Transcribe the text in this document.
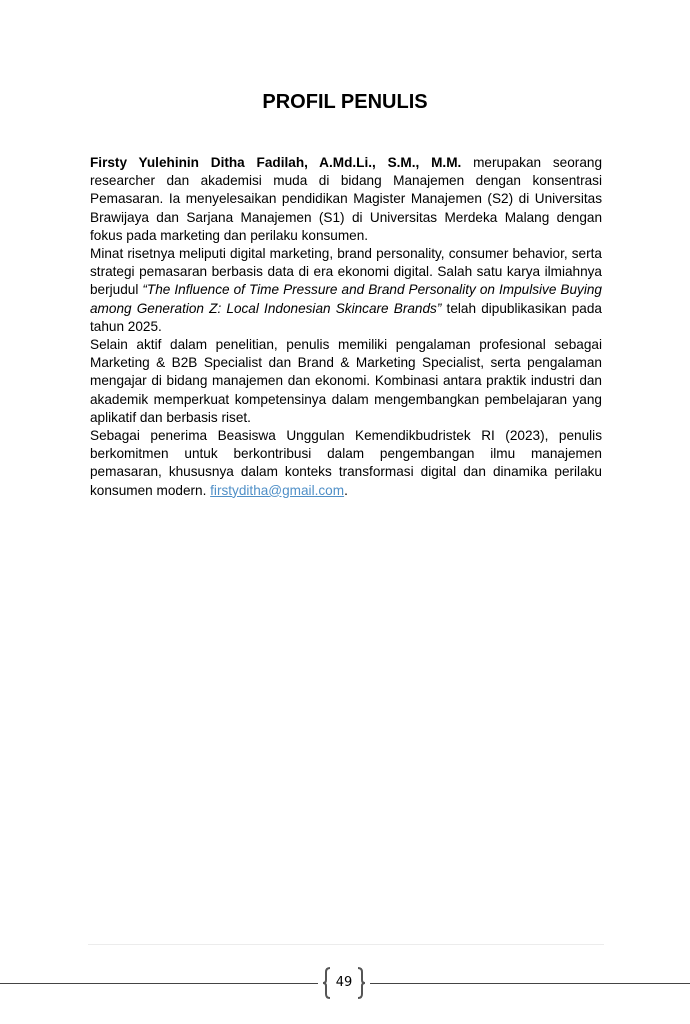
PROFIL PENULIS

Firsty Yulehinin Ditha Fadilah, A.Md.Li., S.M., M.M. merupakan seorang researcher dan akademisi muda di bidang Manajemen dengan konsentrasi Pemasaran. Ia menyelesaikan pendidikan Magister Manajemen (S2) di Universitas Brawijaya dan Sarjana Manajemen (S1) di Universitas Merdeka Malang dengan fokus pada marketing dan perilaku konsumen.

Minat risetnya meliputi digital marketing, brand personality, consumer behavior, serta strategi pemasaran berbasis data di era ekonomi digital. Salah satu karya ilmiahnya berjudul “The Influence of Time Pressure and Brand Personality on Impulsive Buying among Generation Z: Local Indonesian Skincare Brands” telah dipublikasikan pada tahun 2025.

Selain aktif dalam penelitian, penulis memiliki pengalaman profesional sebagai Marketing & B2B Specialist dan Brand & Marketing Specialist, serta pengalaman mengajar di bidang manajemen dan ekonomi. Kombinasi antara praktik industri dan akademik memperkuat kompetensinya dalam mengembangkan pembelajaran yang aplikatif dan berbasis riset.

Sebagai penerima Beasiswa Unggulan Kemendikbudristek RI (2023), penulis berkomitmen untuk berkontribusi dalam pengembangan ilmu manajemen pemasaran, khususnya dalam konteks transformasi digital dan dinamika perilaku konsumen modern. firstyditha@gmail.com.

49
